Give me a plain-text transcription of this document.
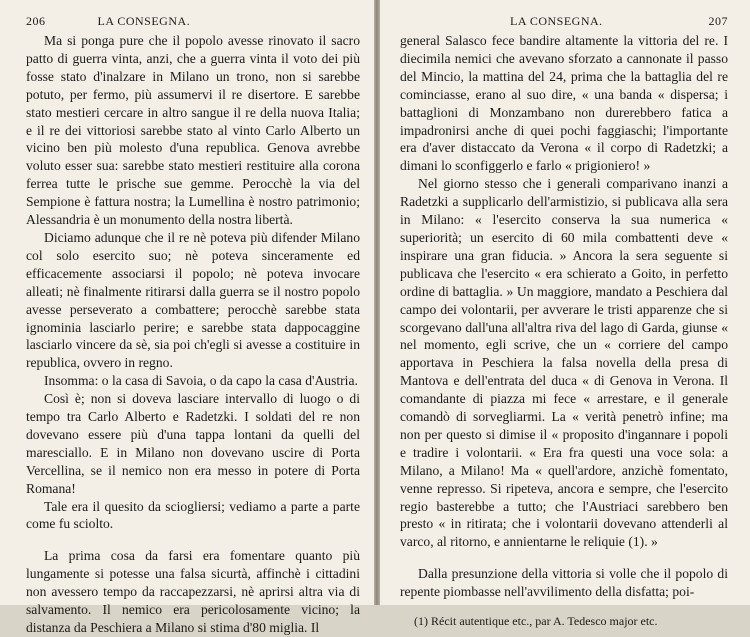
206	LA CONSEGNA.

Ma si ponga pure che il popolo avesse rinovato il sacro patto di guerra vinta, anzi, che a guerra vinta il voto dei più fosse stato d'inalzare in Milano un trono, non si sarebbe potuto, per fermo, più assumervi il re disertore. E sarebbe stato mestieri cercare in altro sangue il re della nuova Italia; e il re dei vittoriosi sarebbe stato al vinto Carlo Alberto un vicino ben più molesto d'una republica. Genova avrebbe voluto esser sua: sarebbe stato mestieri restituire alla corona ferrea tutte le prische sue gemme. Perocchè la via del Sempione è fattura nostra; la Lumellina è nostro patrimonio; Alessandria è un monumento della nostra libertà.

Diciamo adunque che il re nè poteva più difender Milano col solo esercito suo; nè poteva sinceramente ed efficacemente associarsi il popolo; nè poteva invocare alleati; nè finalmente ritirarsi dalla guerra se il nostro popolo avesse perseverato a combattere; perocchè sarebbe stata ignominia lasciarlo perire; e sarebbe stata dappocaggine lasciarlo vincere da sè, sia poi ch'egli si avesse a costituire in republica, ovvero in regno.

Insomma: o la casa di Savoia, o da capo la casa d'Austria.

Così è; non si doveva lasciare intervallo di luogo o di tempo tra Carlo Alberto e Radetzki. I soldati del re non dovevano essere più d'una tappa lontani da quelli del maresciallo. E in Milano non dovevano uscire di Porta Vercellina, se il nemico non era messo in potere di Porta Romana!

Tale era il quesito da sciogliersi; vediamo a parte a parte come fu sciolto.

La prima cosa da farsi era fomentare quanto più lungamente si potesse una falsa sicurtà, affinchè i cittadini non avessero tempo da raccapezzarsi, nè aprirsi altra via di salvamento. Il nemico era pericolosamente vicino; la distanza da Peschiera a Milano si stima d'80 miglia. Il

LA CONSEGNA.	207

general Salasco fece bandire altamente la vittoria del re. I diecimila nemici che avevano sforzato a cannonate il passo del Mincio, la mattina del 24, prima che la battaglia del re cominciasse, erano al suo dire, « una banda « dispersa; i battaglioni di Monzambano non durerebbero fatica a impadronirsi anche di quei pochi faggiaschi; l'importante era d'aver distaccato da Verona « il corpo di Radetzki; a dimani lo sconfiggerlo e farlo « prigioniero! »

Nel giorno stesso che i generali comparivano inanzi a Radetzki a supplicarlo dell'armistizio, si publicava alla sera in Milano: « l'esercito conserva la sua numerica « superiorità; un esercito di 60 mila combattenti deve « inspirare una gran fiducia. » Ancora la sera seguente si publicava che l'esercito « era schierato a Goito, in perfetto ordine di battaglia. » Un maggiore, mandato a Peschiera dal campo dei volontarii, per avverare le tristi apparenze che si scorgevano dall'una all'altra riva del lago di Garda, giunse « nel momento, egli scrive, che un « corriere del campo apportava in Peschiera la falsa novella della presa di Mantova e dell'entrata del duca « di Genova in Verona. Il comandante di piazza mi fece « arrestare, e il generale comandò di sorvegliarmi. La « verità penetrò infine; ma non per questo si dimise il « proposito d'ingannare i popoli e tradire i volontarii. « Era fra questi una voce sola: a Milano, a Milano! Ma « quell'ardore, anzichè fomentato, venne represso. Si ripeteva, ancora e sempre, che l'esercito regio basterebbe a tutto; che l'Austriaci sarebbero ben presto « in ritirata; che i volontarii dovevano attenderli al varco, al ritorno, e annientarne le reliquie (1). »

Dalla presunzione della vittoria si volle che il popolo di repente piombasse nell'avvilimento della disfatta; poi-

(1) Récit autentique etc., par A. Tedesco major etc.
